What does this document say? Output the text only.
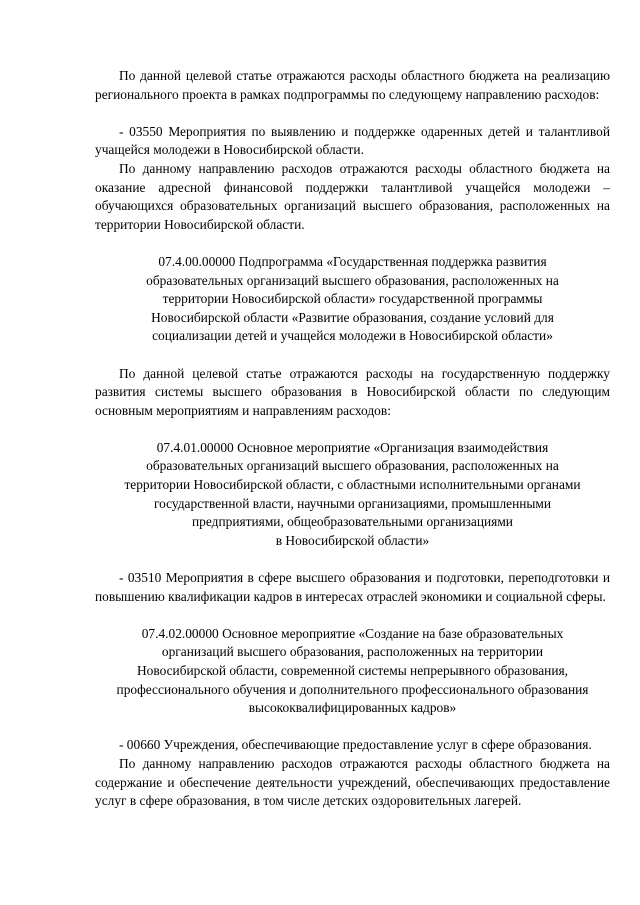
По данной целевой статье отражаются расходы областного бюджета на реализацию регионального проекта в рамках подпрограммы по следующему направлению расходов:

- 03550 Мероприятия по выявлению и поддержке одаренных детей и талантливой учащейся молодежи в Новосибирской области.

По данному направлению расходов отражаются расходы областного бюджета на оказание адресной финансовой поддержки талантливой учащейся молодежи – обучающихся образовательных организаций высшего образования, расположенных на территории Новосибирской области.

07.4.00.00000 Подпрограмма «Государственная поддержка развития
образовательных организаций высшего образования, расположенных на
территории Новосибирской области» государственной программы
Новосибирской области «Развитие образования, создание условий для
социализации детей и учащейся молодежи в Новосибирской области»

По данной целевой статье отражаются расходы на государственную поддержку развития системы высшего образования в Новосибирской области по следующим основным мероприятиям и направлениям расходов:

07.4.01.00000 Основное мероприятие «Организация взаимодействия
образовательных организаций высшего образования, расположенных на
территории Новосибирской области, с областными исполнительными органами
государственной власти, научными организациями, промышленными
предприятиями, общеобразовательными организациями
в Новосибирской области»

- 03510 Мероприятия в сфере высшего образования и подготовки, переподготовки и повышению квалификации кадров в интересах отраслей экономики и социальной сферы.

07.4.02.00000 Основное мероприятие «Создание на базе образовательных
организаций высшего образования, расположенных на территории
Новосибирской области, современной системы непрерывного образования,
профессионального обучения и дополнительного профессионального образования
высококвалифицированных кадров»

- 00660 Учреждения, обеспечивающие предоставление услуг в сфере образования.

По данному направлению расходов отражаются расходы областного бюджета на содержание и обеспечение деятельности учреждений, обеспечивающих предоставление услуг в сфере образования, в том числе детских оздоровительных лагерей.
